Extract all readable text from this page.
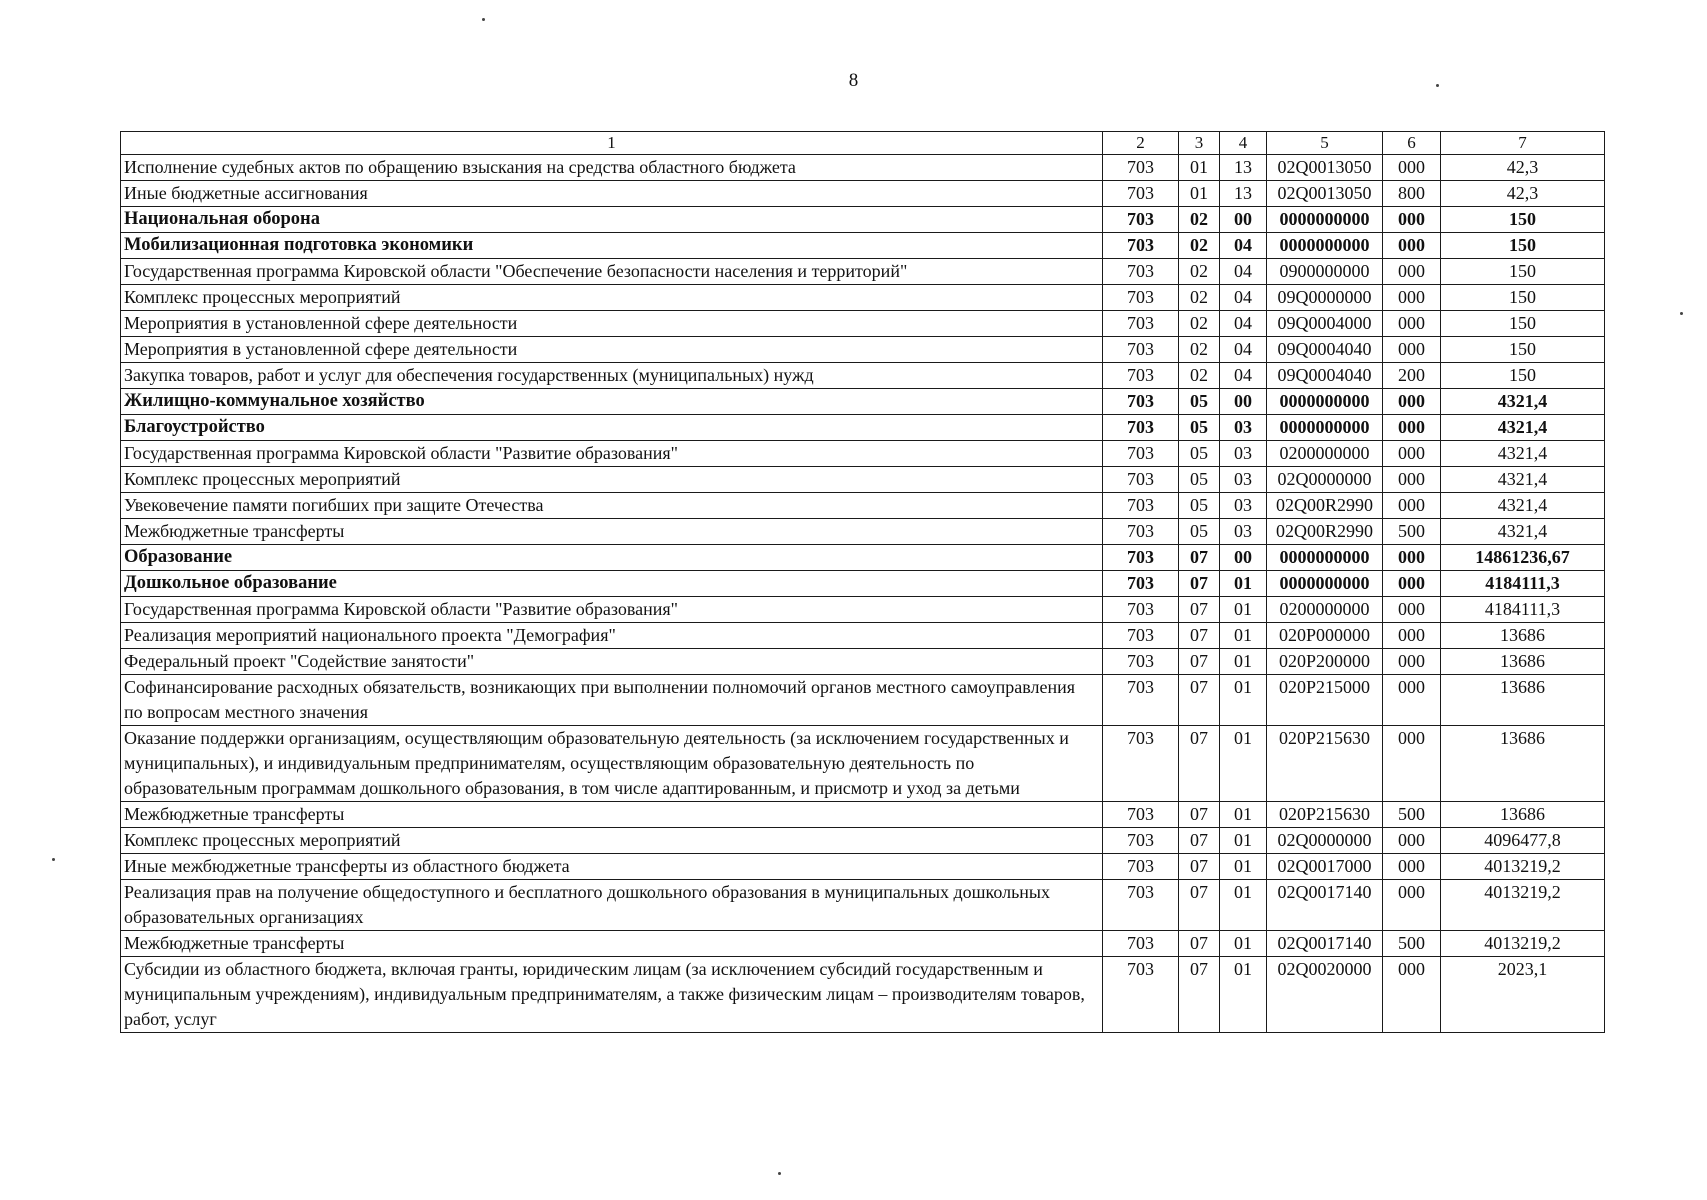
8
1	2	3	4	5	6	7
Исполнение судебных актов по обращению взыскания на средства областного бюджета	703	01	13	02Q0013050	000	42,3
Иные бюджетные ассигнования	703	01	13	02Q0013050	800	42,3
Национальная оборона	703	02	00	0000000000	000	150
Мобилизационная подготовка экономики	703	02	04	0000000000	000	150
Государственная программа Кировской области "Обеспечение безопасности населения и территорий"	703	02	04	0900000000	000	150
Комплекс процессных мероприятий	703	02	04	09Q0000000	000	150
Мероприятия в установленной сфере деятельности	703	02	04	09Q0004000	000	150
Мероприятия в установленной сфере деятельности	703	02	04	09Q0004040	000	150
Закупка товаров, работ и услуг для обеспечения государственных (муниципальных) нужд	703	02	04	09Q0004040	200	150
Жилищно-коммунальное хозяйство	703	05	00	0000000000	000	4321,4
Благоустройство	703	05	03	0000000000	000	4321,4
Государственная программа Кировской области "Развитие образования"	703	05	03	0200000000	000	4321,4
Комплекс процессных мероприятий	703	05	03	02Q0000000	000	4321,4
Увековечение памяти погибших при защите Отечества	703	05	03	02Q00R2990	000	4321,4
Межбюджетные трансферты	703	05	03	02Q00R2990	500	4321,4
Образование	703	07	00	0000000000	000	14861236,67
Дошкольное образование	703	07	01	0000000000	000	4184111,3
Государственная программа Кировской области "Развитие образования"	703	07	01	0200000000	000	4184111,3
Реализация мероприятий национального проекта "Демография"	703	07	01	020P000000	000	13686
Федеральный проект "Содействие занятости"	703	07	01	020P200000	000	13686
Софинансирование расходных обязательств, возникающих при выполнении полномочий органов местного самоуправления по вопросам местного значения	703	07	01	020P215000	000	13686
Оказание поддержки организациям, осуществляющим образовательную деятельность (за исключением государственных и муниципальных), и индивидуальным предпринимателям, осуществляющим образовательную деятельность по образовательным программам дошкольного образования, в том числе адаптированным, и присмотр и уход за детьми	703	07	01	020P215630	000	13686
Межбюджетные трансферты	703	07	01	020P215630	500	13686
Комплекс процессных мероприятий	703	07	01	02Q0000000	000	4096477,8
Иные межбюджетные трансферты из областного бюджета	703	07	01	02Q0017000	000	4013219,2
Реализация прав на получение общедоступного и бесплатного дошкольного образования в муниципальных дошкольных образовательных организациях	703	07	01	02Q0017140	000	4013219,2
Межбюджетные трансферты	703	07	01	02Q0017140	500	4013219,2
Субсидии из областного бюджета, включая гранты, юридическим лицам (за исключением субсидий государственным и муниципальным учреждениям), индивидуальным предпринимателям, а также физическим лицам – производителям товаров, работ, услуг	703	07	01	02Q0020000	000	2023,1
